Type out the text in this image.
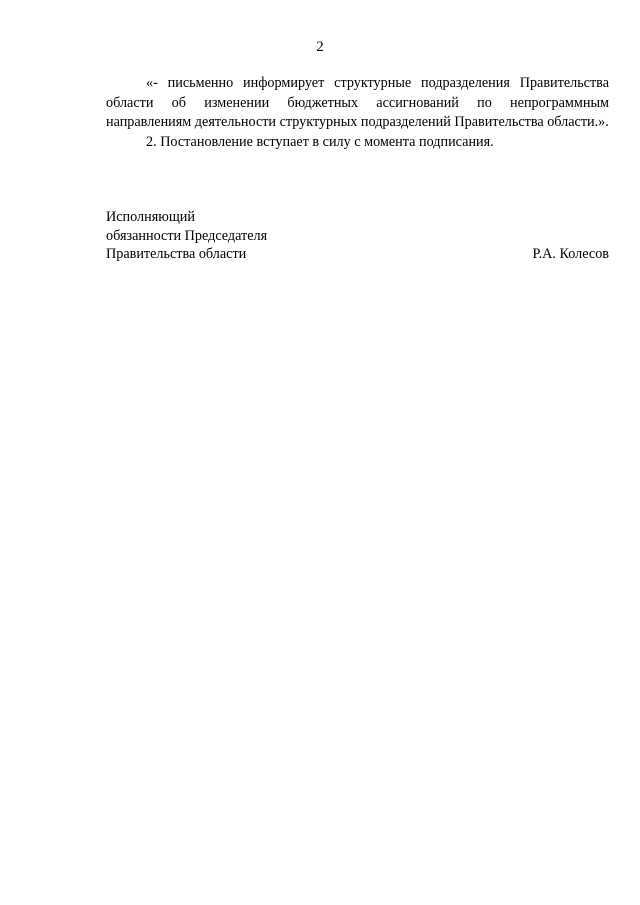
2

«- письменно информирует структурные подразделения Правительства области об изменении бюджетных ассигнований по непрограммным направлениям деятельности структурных подразделений Правительства области.».

2. Постановление вступает в силу с момента подписания.

Исполняющий
обязанности Председателя
Правительства области	Р.А. Колесов
